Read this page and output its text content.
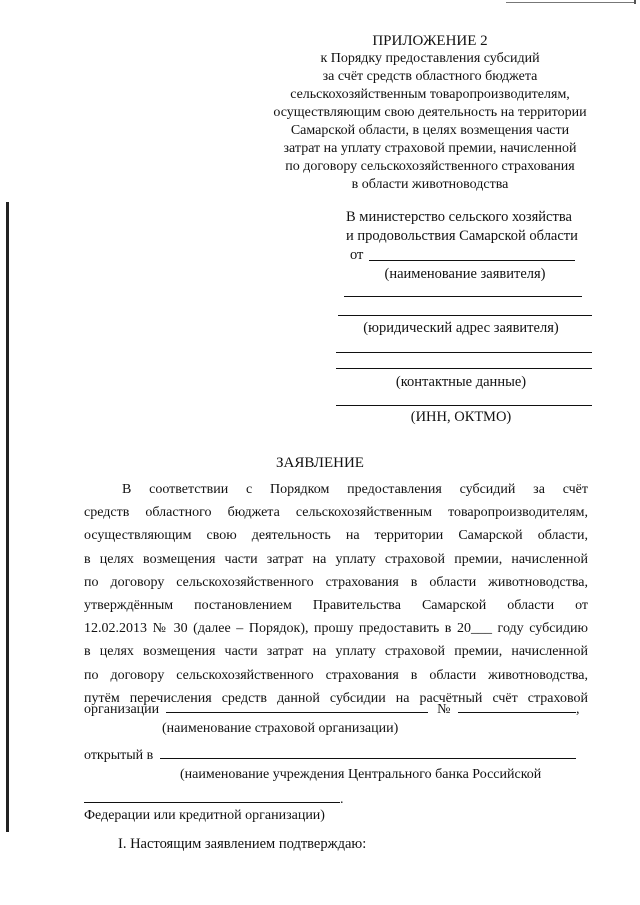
ПРИЛОЖЕНИЕ 2
к Порядку предоставления субсидий
за счёт средств областного бюджета
сельскохозяйственным товаропроизводителям,
осуществляющим свою деятельность на территории
Самарской области, в целях возмещения части
затрат на уплату страховой премии, начисленной
по договору сельскохозяйственного страхования
в области животноводства
В министерство сельского хозяйства
и продовольствия Самарской области
от
(наименование заявителя)
(юридический адрес заявителя)
(контактные данные)
(ИНН, ОКТМО)
ЗАЯВЛЕНИЕ
В соответствии с Порядком предоставления субсидий за счёт
средств областного бюджета сельскохозяйственным товаропроизводителям,
осуществляющим свою деятельность на территории Самарской области,
в целях возмещения части затрат на уплату страховой премии, начисленной
по договору сельскохозяйственного страхования в области животноводства,
утверждённым постановлением Правительства Самарской области от
12.02.2013 № 30 (далее – Порядок), прошу предоставить в 20___ году субсидию
в целях возмещения части затрат на уплату страховой премии, начисленной
по договору сельскохозяйственного страхования в области животноводства,
путём перечисления средств данной субсидии на расчётный счёт страховой
организации	№	,
(наименование страховой организации)
открытый в
(наименование учреждения Центрального банка Российской
.
Федерации или кредитной организации)
I. Настоящим заявлением подтверждаю:
